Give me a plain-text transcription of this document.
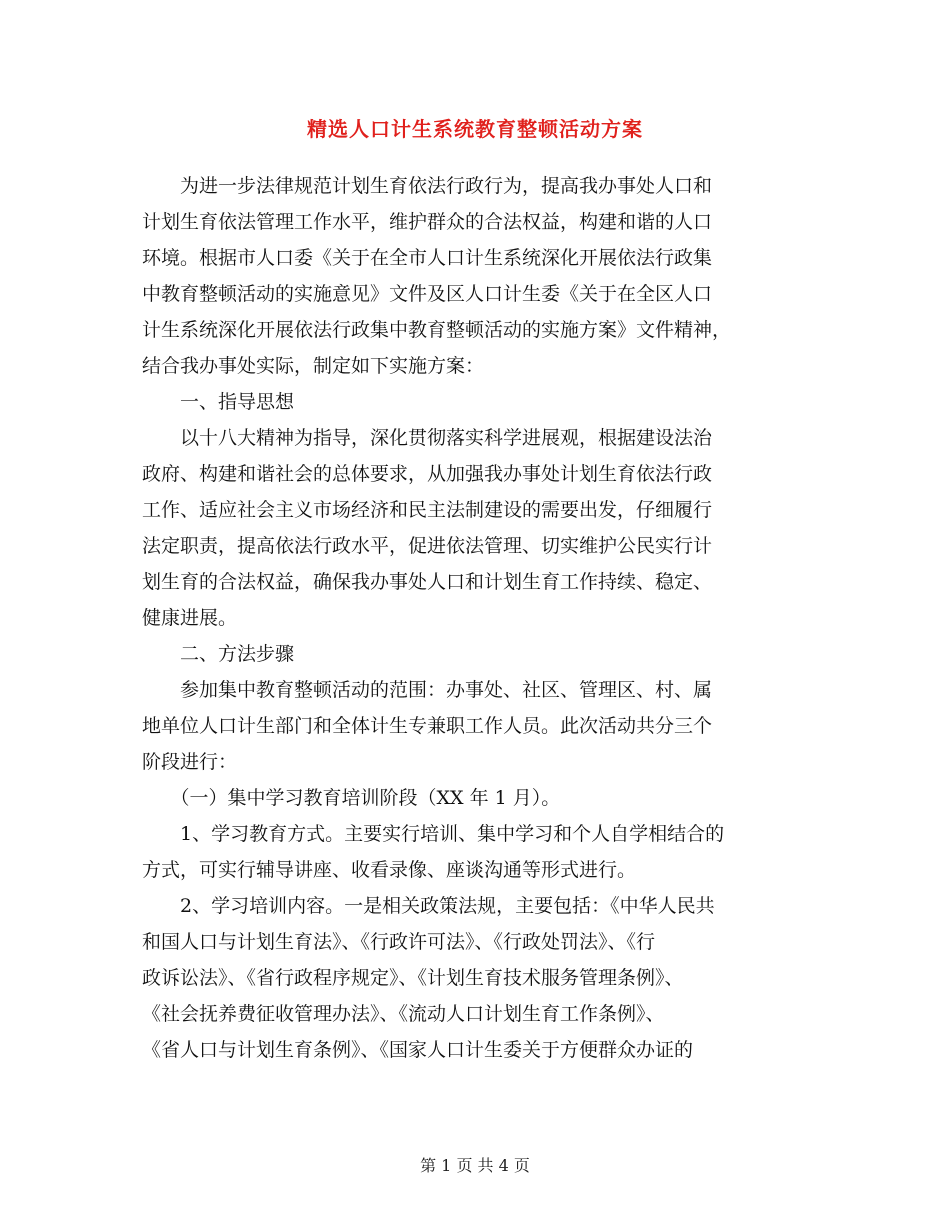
精选人口计生系统教育整顿活动方案
　　为进一步法律规范计划生育依法行政行为，提高我办事处人口和
计划生育依法管理工作水平，维护群众的合法权益，构建和谐的人口
环境。根据市人口委《关于在全市人口计生系统深化开展依法行政集
中教育整顿活动的实施意见》文件及区人口计生委《关于在全区人口
计生系统深化开展依法行政集中教育整顿活动的实施方案》文件精神，
结合我办事处实际，制定如下实施方案：
　　一、指导思想
　　以十八大精神为指导，深化贯彻落实科学进展观，根据建设法治
政府、构建和谐社会的总体要求，从加强我办事处计划生育依法行政
工作、适应社会主义市场经济和民主法制建设的需要出发，仔细履行
法定职责，提高依法行政水平，促进依法管理、切实维护公民实行计
划生育的合法权益，确保我办事处人口和计划生育工作持续、稳定、
健康进展。
　　二、方法步骤
　　参加集中教育整顿活动的范围：办事处、社区、管理区、村、属
地单位人口计生部门和全体计生专兼职工作人员。此次活动共分三个
阶段进行：
　　（一）集中学习教育培训阶段（XX 年 1 月）。
　　1、学习教育方式。主要实行培训、集中学习和个人自学相结合的
方式，可实行辅导讲座、收看录像、座谈沟通等形式进行。
　　2、学习培训内容。一是相关政策法规，主要包括：《中华人民共
和国人口与计划生育法》、《行政许可法》、《行政处罚法》、《行
政诉讼法》、《省行政程序规定》、《计划生育技术服务管理条例》、
《社会抚养费征收管理办法》、《流动人口计划生育工作条例》、
《省人口与计划生育条例》、《国家人口计生委关于方便群众办证的
第 1 页 共 4 页
